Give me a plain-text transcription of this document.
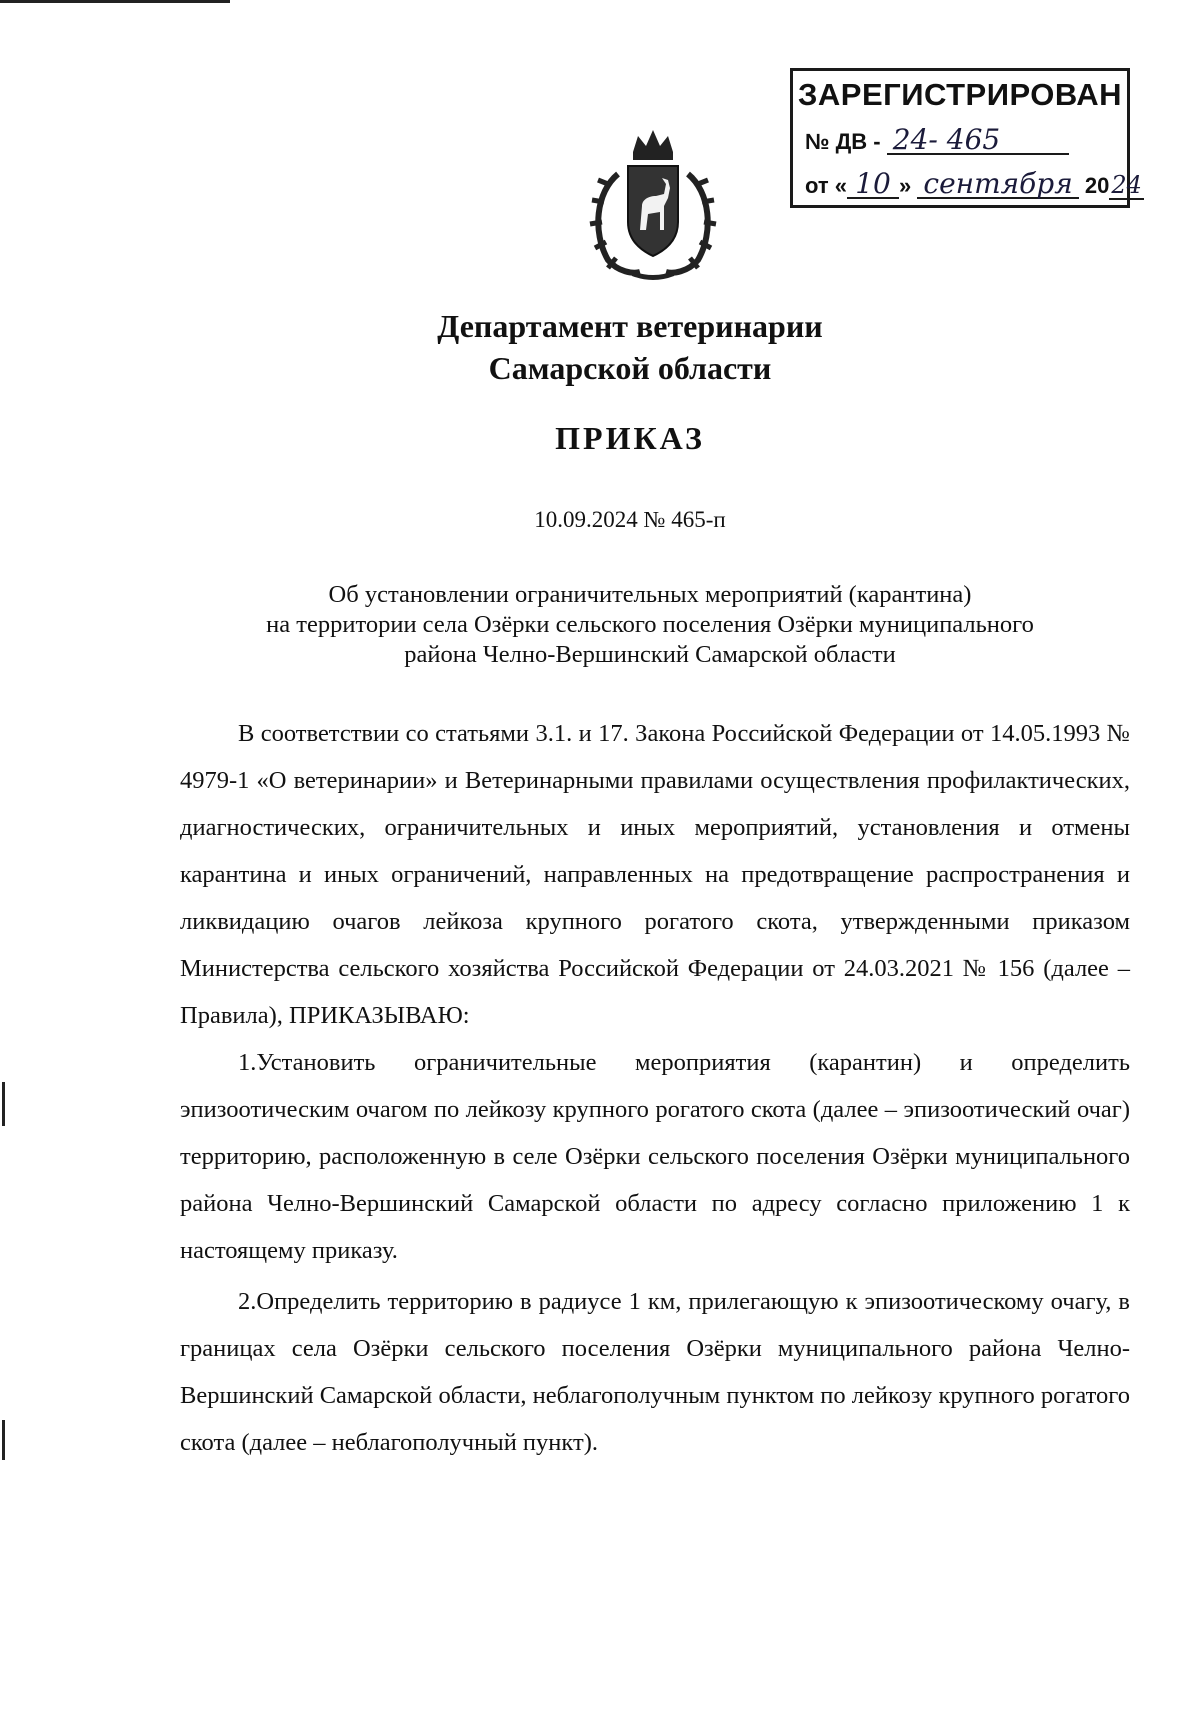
ЗАРЕГИСТРИРОВАН
№ ДВ - 24- 465
от « 10 » сентября 2024
Департамент ветеринарии
Самарской области
ПРИКАЗ
10.09.2024 № 465-п
Об установлении ограничительных мероприятий (карантина)
на территории села Озёрки сельского поселения Озёрки муниципального
района Челно-Вершинский Самарской области

В соответствии со статьями 3.1. и 17. Закона Российской Федерации от 14.05.1993 № 4979-1 «О ветеринарии» и Ветеринарными правилами осуществления профилактических, диагностических, ограничительных и иных мероприятий, установления и отмены карантина и иных ограничений, направленных на предотвращение распространения и ликвидацию очагов лейкоза крупного рогатого скота, утвержденными приказом Министерства сельского хозяйства Российской Федерации от 24.03.2021 № 156 (далее – Правила), ПРИКАЗЫВАЮ:

1.Установить ограничительные мероприятия (карантин) и определить эпизоотическим очагом по лейкозу крупного рогатого скота (далее – эпизоотический очаг) территорию, расположенную в селе Озёрки сельского поселения Озёрки муниципального района Челно-Вершинский Самарской области по адресу согласно приложению 1 к настоящему приказу.

2.Определить территорию в радиусе 1 км, прилегающую к эпизоотическому очагу, в границах села Озёрки сельского поселения Озёрки муниципального района Челно-Вершинский Самарской области, неблагополучным пунктом по лейкозу крупного рогатого скота (далее – неблагополучный пункт).
